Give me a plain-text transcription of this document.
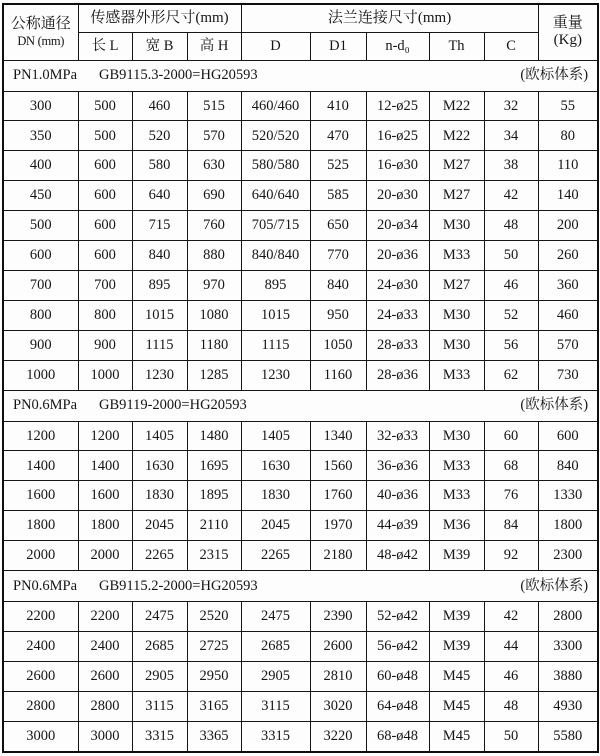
公称通径
DN (mm)	传感器外形尺寸(mm)			法兰连接尺寸(mm)					重量
(Kg)

	长 L	宽 B	高 H	D	D1	n-d₀	Th	C	

PN1.0MPa GB9115.3-2000=HG20593 (欧标体系)									

300	500	460	515	460/460	410	12-ø25	M22	32	55
350	500	520	570	520/520	470	16-ø25	M22	34	80
400	600	580	630	580/580	525	16-ø30	M27	38	110
450	600	640	690	640/640	585	20-ø30	M27	42	140
500	600	715	760	705/715	650	20-ø34	M30	48	200
600	600	840	880	840/840	770	20-ø36	M33	50	260
700	700	895	970	895	840	24-ø30	M27	46	360
800	800	1015	1080	1015	950	24-ø33	M30	52	460
900	900	1115	1180	1115	1050	28-ø33	M30	56	570
1000	1000	1230	1285	1230	1160	28-ø36	M33	62	730

PN0.6MPa GB9119-2000=HG20593 (欧标体系)									

1200	1200	1405	1480	1405	1340	32-ø33	M30	60	600
1400	1400	1630	1695	1630	1560	36-ø36	M33	68	840
1600	1600	1830	1895	1830	1760	40-ø36	M33	76	1330
1800	1800	2045	2110	2045	1970	44-ø39	M36	84	1800
2000	2000	2265	2315	2265	2180	48-ø42	M39	92	2300

PN0.6MPa GB9115.2-2000=HG20593 (欧标体系)									

2200	2200	2475	2520	2475	2390	52-ø42	M39	42	2800
2400	2400	2685	2725	2685	2600	56-ø42	M39	44	3300
2600	2600	2905	2950	2905	2810	60-ø48	M45	46	3880
2800	2800	3115	3165	3115	3020	64-ø48	M45	48	4930
3000	3000	3315	3365	3315	3220	68-ø48	M45	50	5580
